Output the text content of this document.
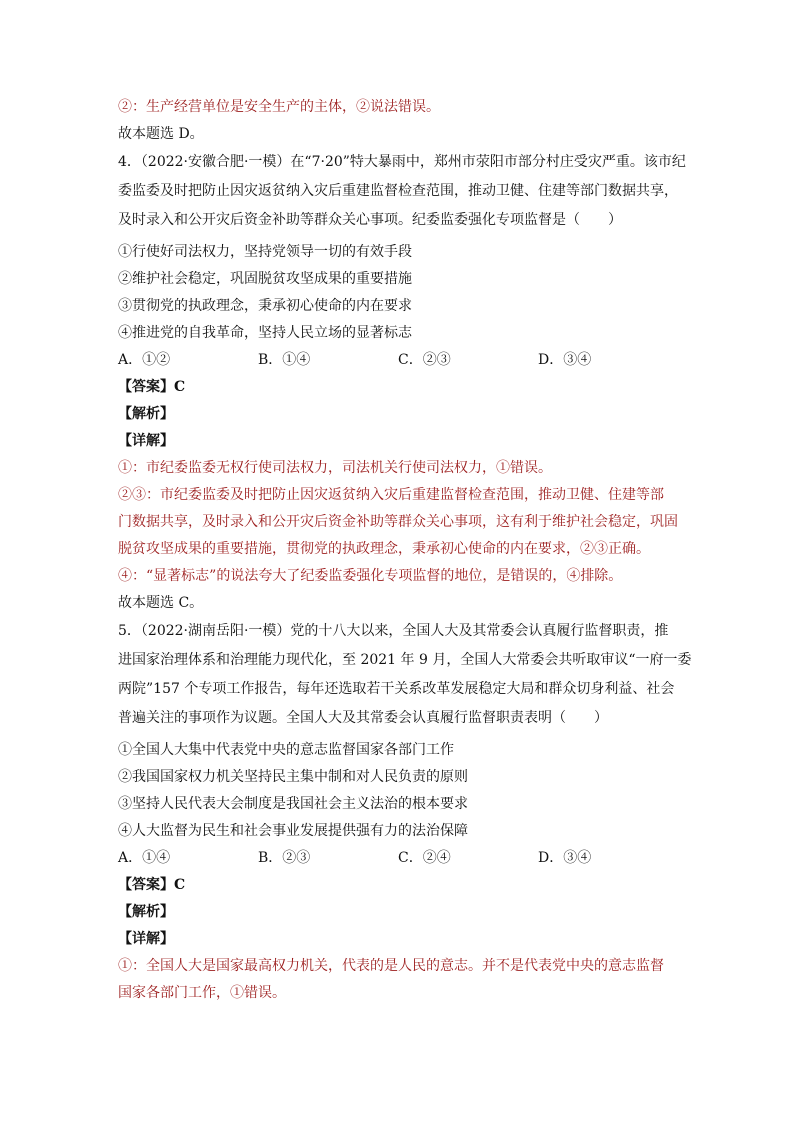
②：生产经营单位是安全生产的主体，②说法错误。
故本题选 D。
4．（2022·安徽合肥·一模）在“7·20”特大暴雨中，郑州市荥阳市部分村庄受灾严重。该市纪
委监委及时把防止因灾返贫纳入灾后重建监督检查范围，推动卫健、住建等部门数据共享，
及时录入和公开灾后资金补助等群众关心事项。纪委监委强化专项监督是（　　）
①行使好司法权力，坚持党领导一切的有效手段
②维护社会稳定，巩固脱贫攻坚成果的重要措施
③贯彻党的执政理念，秉承初心使命的内在要求
④推进党的自我革命，坚持人民立场的显著标志
A．①②	B．①④	C．②③	D．③④
【答案】C
【解析】
【详解】
①：市纪委监委无权行使司法权力，司法机关行使司法权力，①错误。
②③：市纪委监委及时把防止因灾返贫纳入灾后重建监督检查范围，推动卫健、住建等部
门数据共享，及时录入和公开灾后资金补助等群众关心事项，这有利于维护社会稳定，巩固
脱贫攻坚成果的重要措施，贯彻党的执政理念，秉承初心使命的内在要求，②③正确。
④：“显著标志”的说法夸大了纪委监委强化专项监督的地位，是错误的，④排除。
故本题选 C。
5．（2022·湖南岳阳·一模）党的十八大以来，全国人大及其常委会认真履行监督职责，推
进国家治理体系和治理能力现代化，至 2021 年 9 月，全国人大常委会共听取审议“一府一委
两院”157 个专项工作报告，每年还选取若干关系改革发展稳定大局和群众切身利益、社会
普遍关注的事项作为议题。全国人大及其常委会认真履行监督职责表明（　　）
①全国人大集中代表党中央的意志监督国家各部门工作
②我国国家权力机关坚持民主集中制和对人民负责的原则
③坚持人民代表大会制度是我国社会主义法治的根本要求
④人大监督为民生和社会事业发展提供强有力的法治保障
A．①④	B．②③	C．②④	D．③④
【答案】C
【解析】
【详解】
①：全国人大是国家最高权力机关，代表的是人民的意志。并不是代表党中央的意志监督
国家各部门工作，①错误。
